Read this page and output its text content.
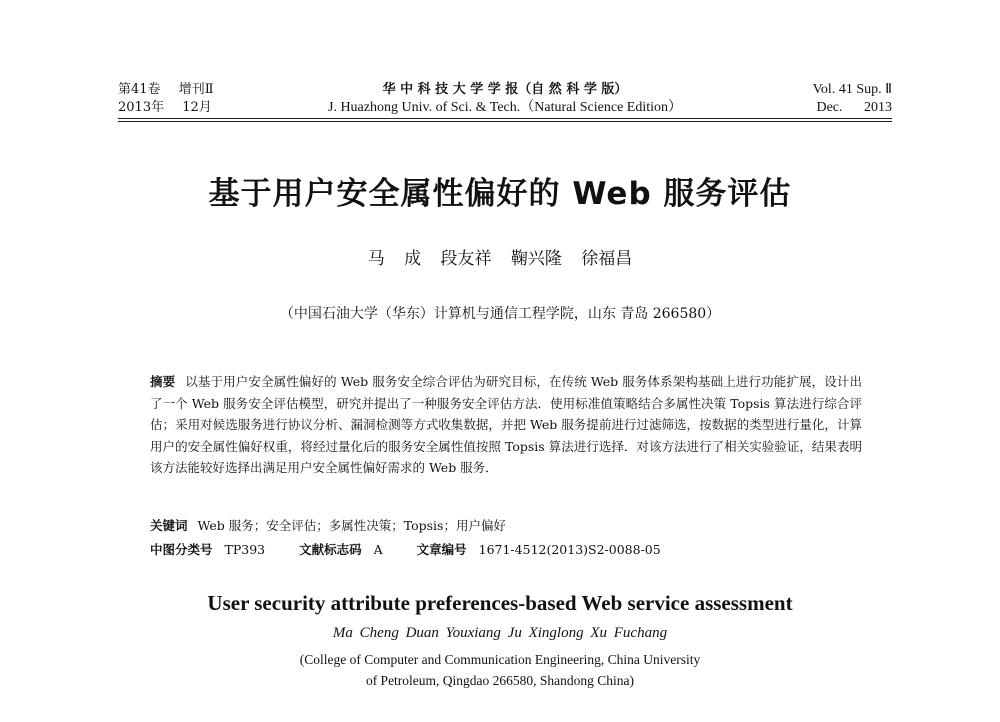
第41卷 增刊Ⅱ
2013年 12月
华 中 科 技 大 学 学 报（自 然 科 学 版）
J. Huazhong Univ. of Sci. & Tech.（Natural Science Edition）
Vol. 41 Sup. Ⅱ
Dec. 2013
基于用户安全属性偏好的 Web 服务评估
马 成 段友祥 鞠兴隆 徐福昌
（中国石油大学（华东）计算机与通信工程学院，山东 青岛 266580）
摘要 以基于用户安全属性偏好的 Web 服务安全综合评估为研究目标，在传统 Web 服务体系架构基础上进行功能扩展，设计出了一个 Web 服务安全评估模型，研究并提出了一种服务安全评估方法．使用标准值策略结合多属性决策 Topsis 算法进行综合评估；采用对候选服务进行协议分析、漏洞检测等方式收集数据，并把 Web 服务提前进行过滤筛选，按数据的类型进行量化，计算用户的安全属性偏好权重，将经过量化后的服务安全属性值按照 Topsis 算法进行选择．对该方法进行了相关实验验证，结果表明该方法能较好选择出满足用户安全属性偏好需求的 Web 服务．
关键词 Web 服务；安全评估；多属性决策；Topsis；用户偏好
中图分类号 TP393	文献标志码 A	文章编号 1671-4512(2013)S2-0088-05
User security attribute preferences-based Web service assessment
Ma Cheng Duan Youxiang Ju Xinglong Xu Fuchang
(College of Computer and Communication Engineering, China University
of Petroleum, Qingdao 266580, Shandong China)
